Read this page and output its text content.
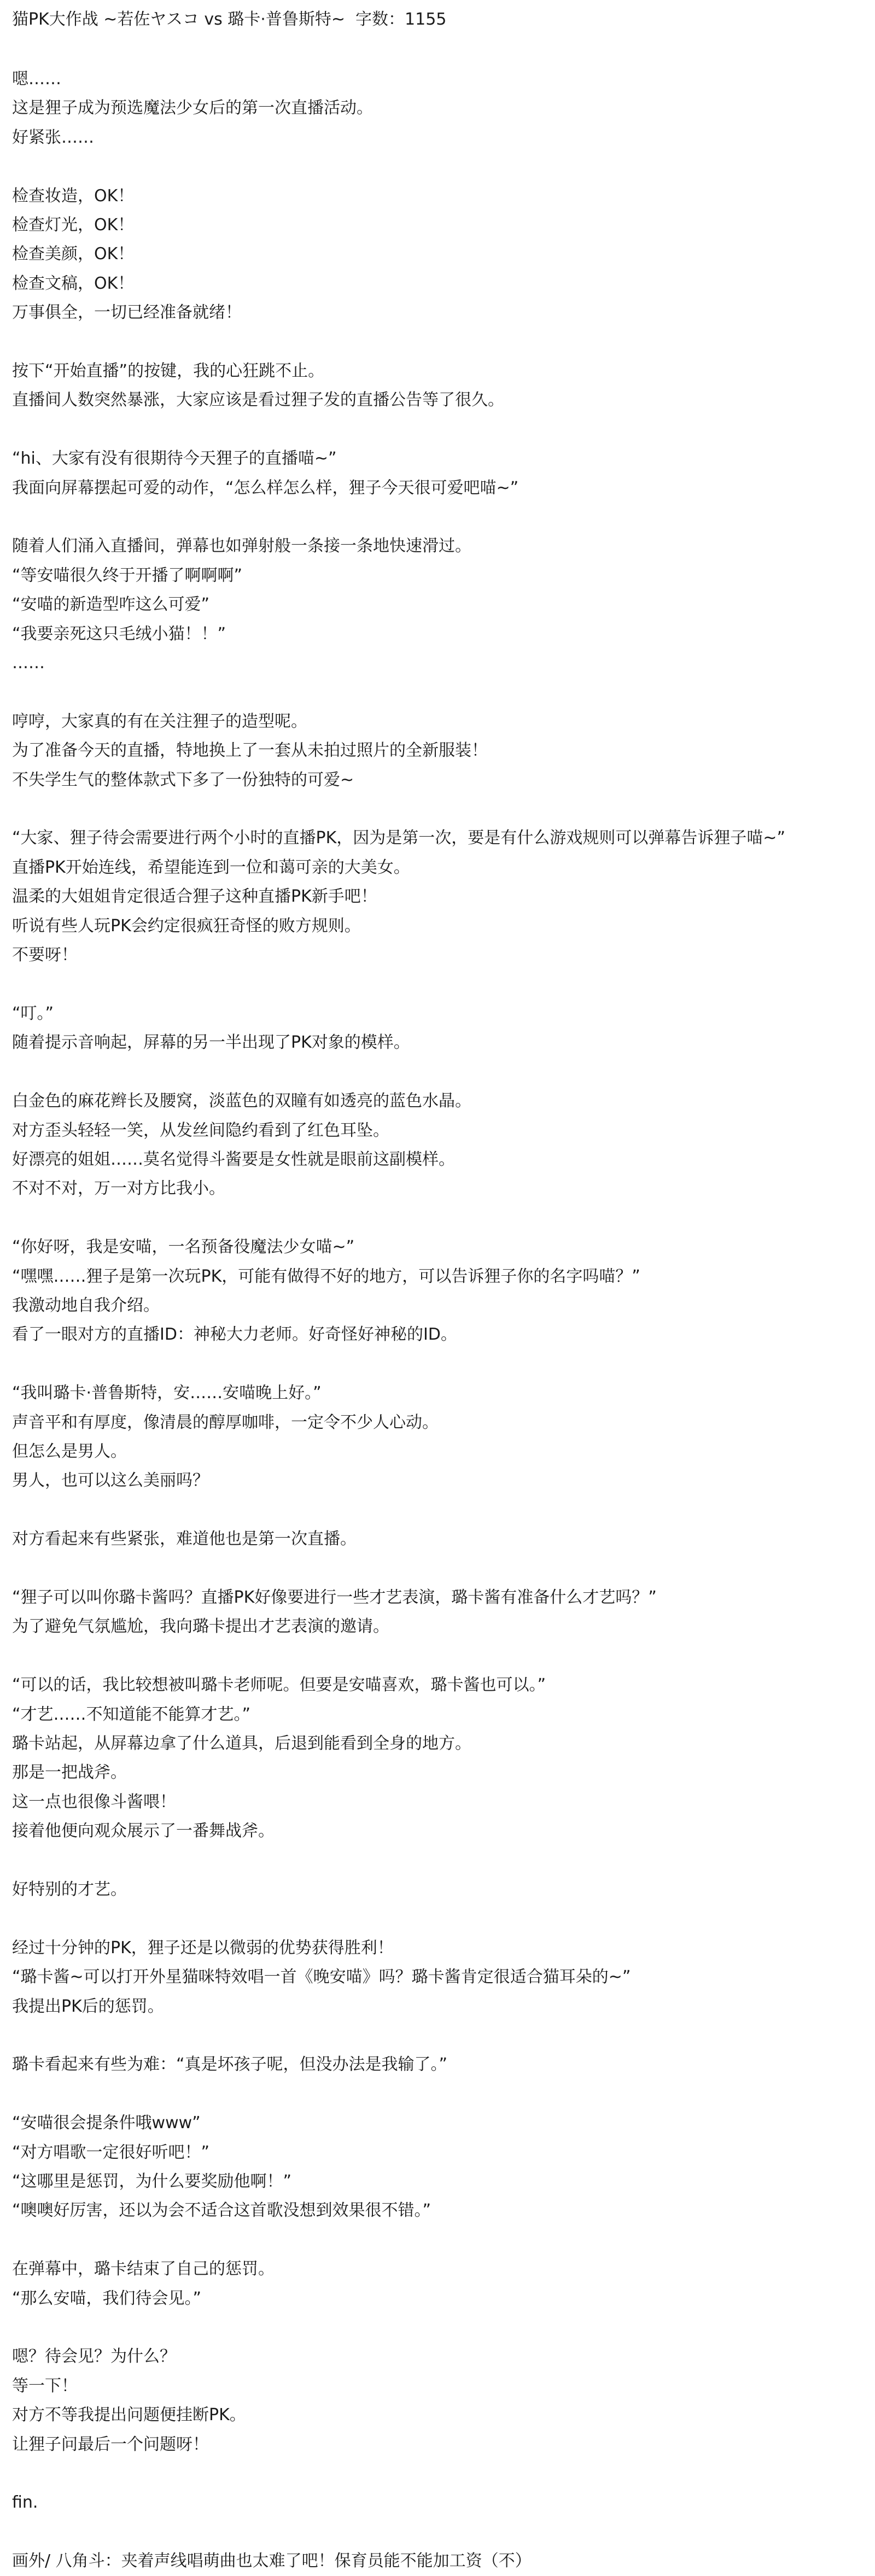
猫PK大作战 ~若佐ヤスコ vs 璐卡·普鲁斯特~  字数：1155
嗯……
这是狸子成为预选魔法少女后的第一次直播活动。
好紧张……
检查妆造，OK！
检查灯光，OK！
检查美颜，OK！
检查文稿，OK！
万事俱全，一切已经准备就绪！
按下“开始直播”的按键，我的心狂跳不止。
直播间人数突然暴涨，大家应该是看过狸子发的直播公告等了很久。
“hi、大家有没有很期待今天狸子的直播喵~”
我面向屏幕摆起可爱的动作，“怎么样怎么样，狸子今天很可爱吧喵~”
随着人们涌入直播间，弹幕也如弹射般一条接一条地快速滑过。
“等安喵很久终于开播了啊啊啊”
“安喵的新造型咋这么可爱”
“我要亲死这只毛绒小猫！！”
……
哼哼，大家真的有在关注狸子的造型呢。
为了准备今天的直播，特地换上了一套从未拍过照片的全新服装！
不失学生气的整体款式下多了一份独特的可爱~
“大家、狸子待会需要进行两个小时的直播PK，因为是第一次，要是有什么游戏规则可以弹幕告诉狸子喵~”
直播PK开始连线，希望能连到一位和蔼可亲的大美女。
温柔的大姐姐肯定很适合狸子这种直播PK新手吧！
听说有些人玩PK会约定很疯狂奇怪的败方规则。
不要呀！
“叮。”
随着提示音响起，屏幕的另一半出现了PK对象的模样。
白金色的麻花辫长及腰窝，淡蓝色的双瞳有如透亮的蓝色水晶。
对方歪头轻轻一笑，从发丝间隐约看到了红色耳坠。
好漂亮的姐姐……莫名觉得斗酱要是女性就是眼前这副模样。
不对不对，万一对方比我小。
“你好呀，我是安喵，一名预备役魔法少女喵~”
“嘿嘿……狸子是第一次玩PK，可能有做得不好的地方，可以告诉狸子你的名字吗喵？”
我激动地自我介绍。
看了一眼对方的直播ID：神秘大力老师。好奇怪好神秘的ID。
“我叫璐卡·普鲁斯特，安……安喵晚上好。”
声音平和有厚度，像清晨的醇厚咖啡，一定令不少人心动。
但怎么是男人。
男人，也可以这么美丽吗？
对方看起来有些紧张，难道他也是第一次直播。
“狸子可以叫你璐卡酱吗？直播PK好像要进行一些才艺表演，璐卡酱有准备什么才艺吗？”
为了避免气氛尴尬，我向璐卡提出才艺表演的邀请。
“可以的话，我比较想被叫璐卡老师呢。但要是安喵喜欢，璐卡酱也可以。”
“才艺……不知道能不能算才艺。”
璐卡站起，从屏幕边拿了什么道具，后退到能看到全身的地方。
那是一把战斧。
这一点也很像斗酱喂！
接着他便向观众展示了一番舞战斧。
好特别的才艺。
经过十分钟的PK，狸子还是以微弱的优势获得胜利！
“璐卡酱~可以打开外星猫咪特效唱一首《晚安喵》吗？璐卡酱肯定很适合猫耳朵的~”
我提出PK后的惩罚。
璐卡看起来有些为难：“真是坏孩子呢，但没办法是我输了。”
“安喵很会提条件哦www”
“对方唱歌一定很好听吧！”
“这哪里是惩罚，为什么要奖励他啊！”
“噢噢好厉害，还以为会不适合这首歌没想到效果很不错。”
在弹幕中，璐卡结束了自己的惩罚。
“那么安喵，我们待会见。”
嗯？待会见？为什么？
等一下！
对方不等我提出问题便挂断PK。
让狸子问最后一个问题呀！
fin.
画外/ 八角斗：夹着声线唱萌曲也太难了吧！保育员能不能加工资（不）
